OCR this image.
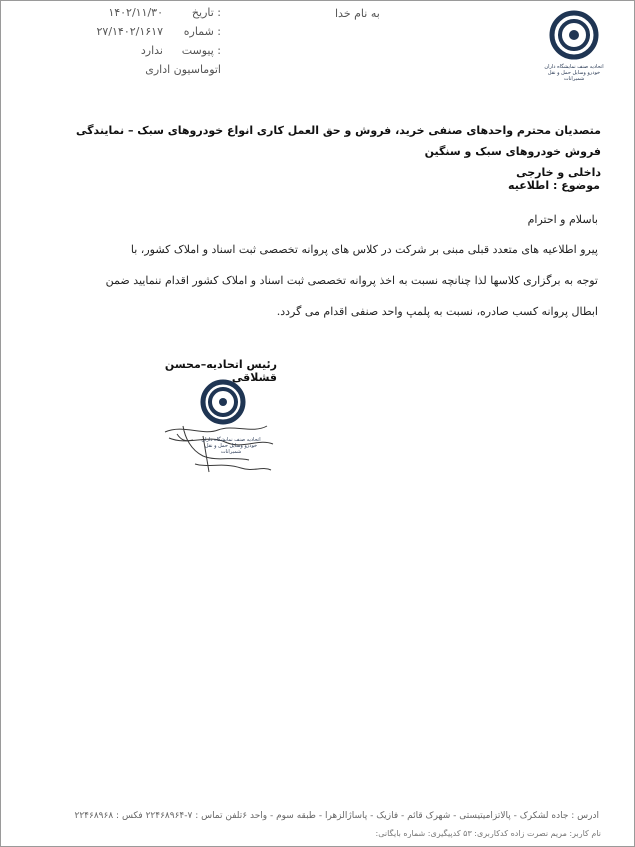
به نام خدا
تاریخ :
۱۴۰۲/۱۱/۳۰
شماره :
۲۷/۱۴۰۲/۱۶۱۷
پیوست :
ندارد
اتوماسیون اداری	اتحادیه صنف نمایشگاه داران خودرو وسایل حمل و نقل شمیرانات
متصدیان محترم واحدهای صنفی خرید، فروش و حق العمل کاری انواع خودروهای سبک – نمایندگی فروش خودروهای سبک و سنگین
داخلی و خارجی
موضوع : اطلاعیه
باسلام و احترام
پیرو اطلاعیه های متعدد قبلی مبنی بر شرکت در کلاس های پروانه تخصصی ثبت اسناد و املاک کشور، با
توجه به برگزاری کلاسها لذا چنانچه نسبت به اخذ پروانه تخصصی ثبت اسناد و املاک کشور اقدام ننمایید ضمن
ابطال پروانه کسب صادره، نسبت به پلمپ واحد صنفی اقدام می گردد.
رئیس اتحادیه–محسن قشلاقی
اتحادیه صنف نمایشگاه داران خودرو وسایل حمل و نقل شمیرانات
آدرس : جاده لشکرک - پالاتزامیتیستی - شهرک قائم - فازیک - پاساژالزهرا - طبقه سوم - واحد ۶تلفن تماس : ۷-۲۲۴۶۸۹۶۴ فکس : ۲۲۴۶۸۹۶۸
نام کاربر: مریم نصرت زاده کدکاربری: ۵۳ کدپیگیری: شماره بایگانی:
